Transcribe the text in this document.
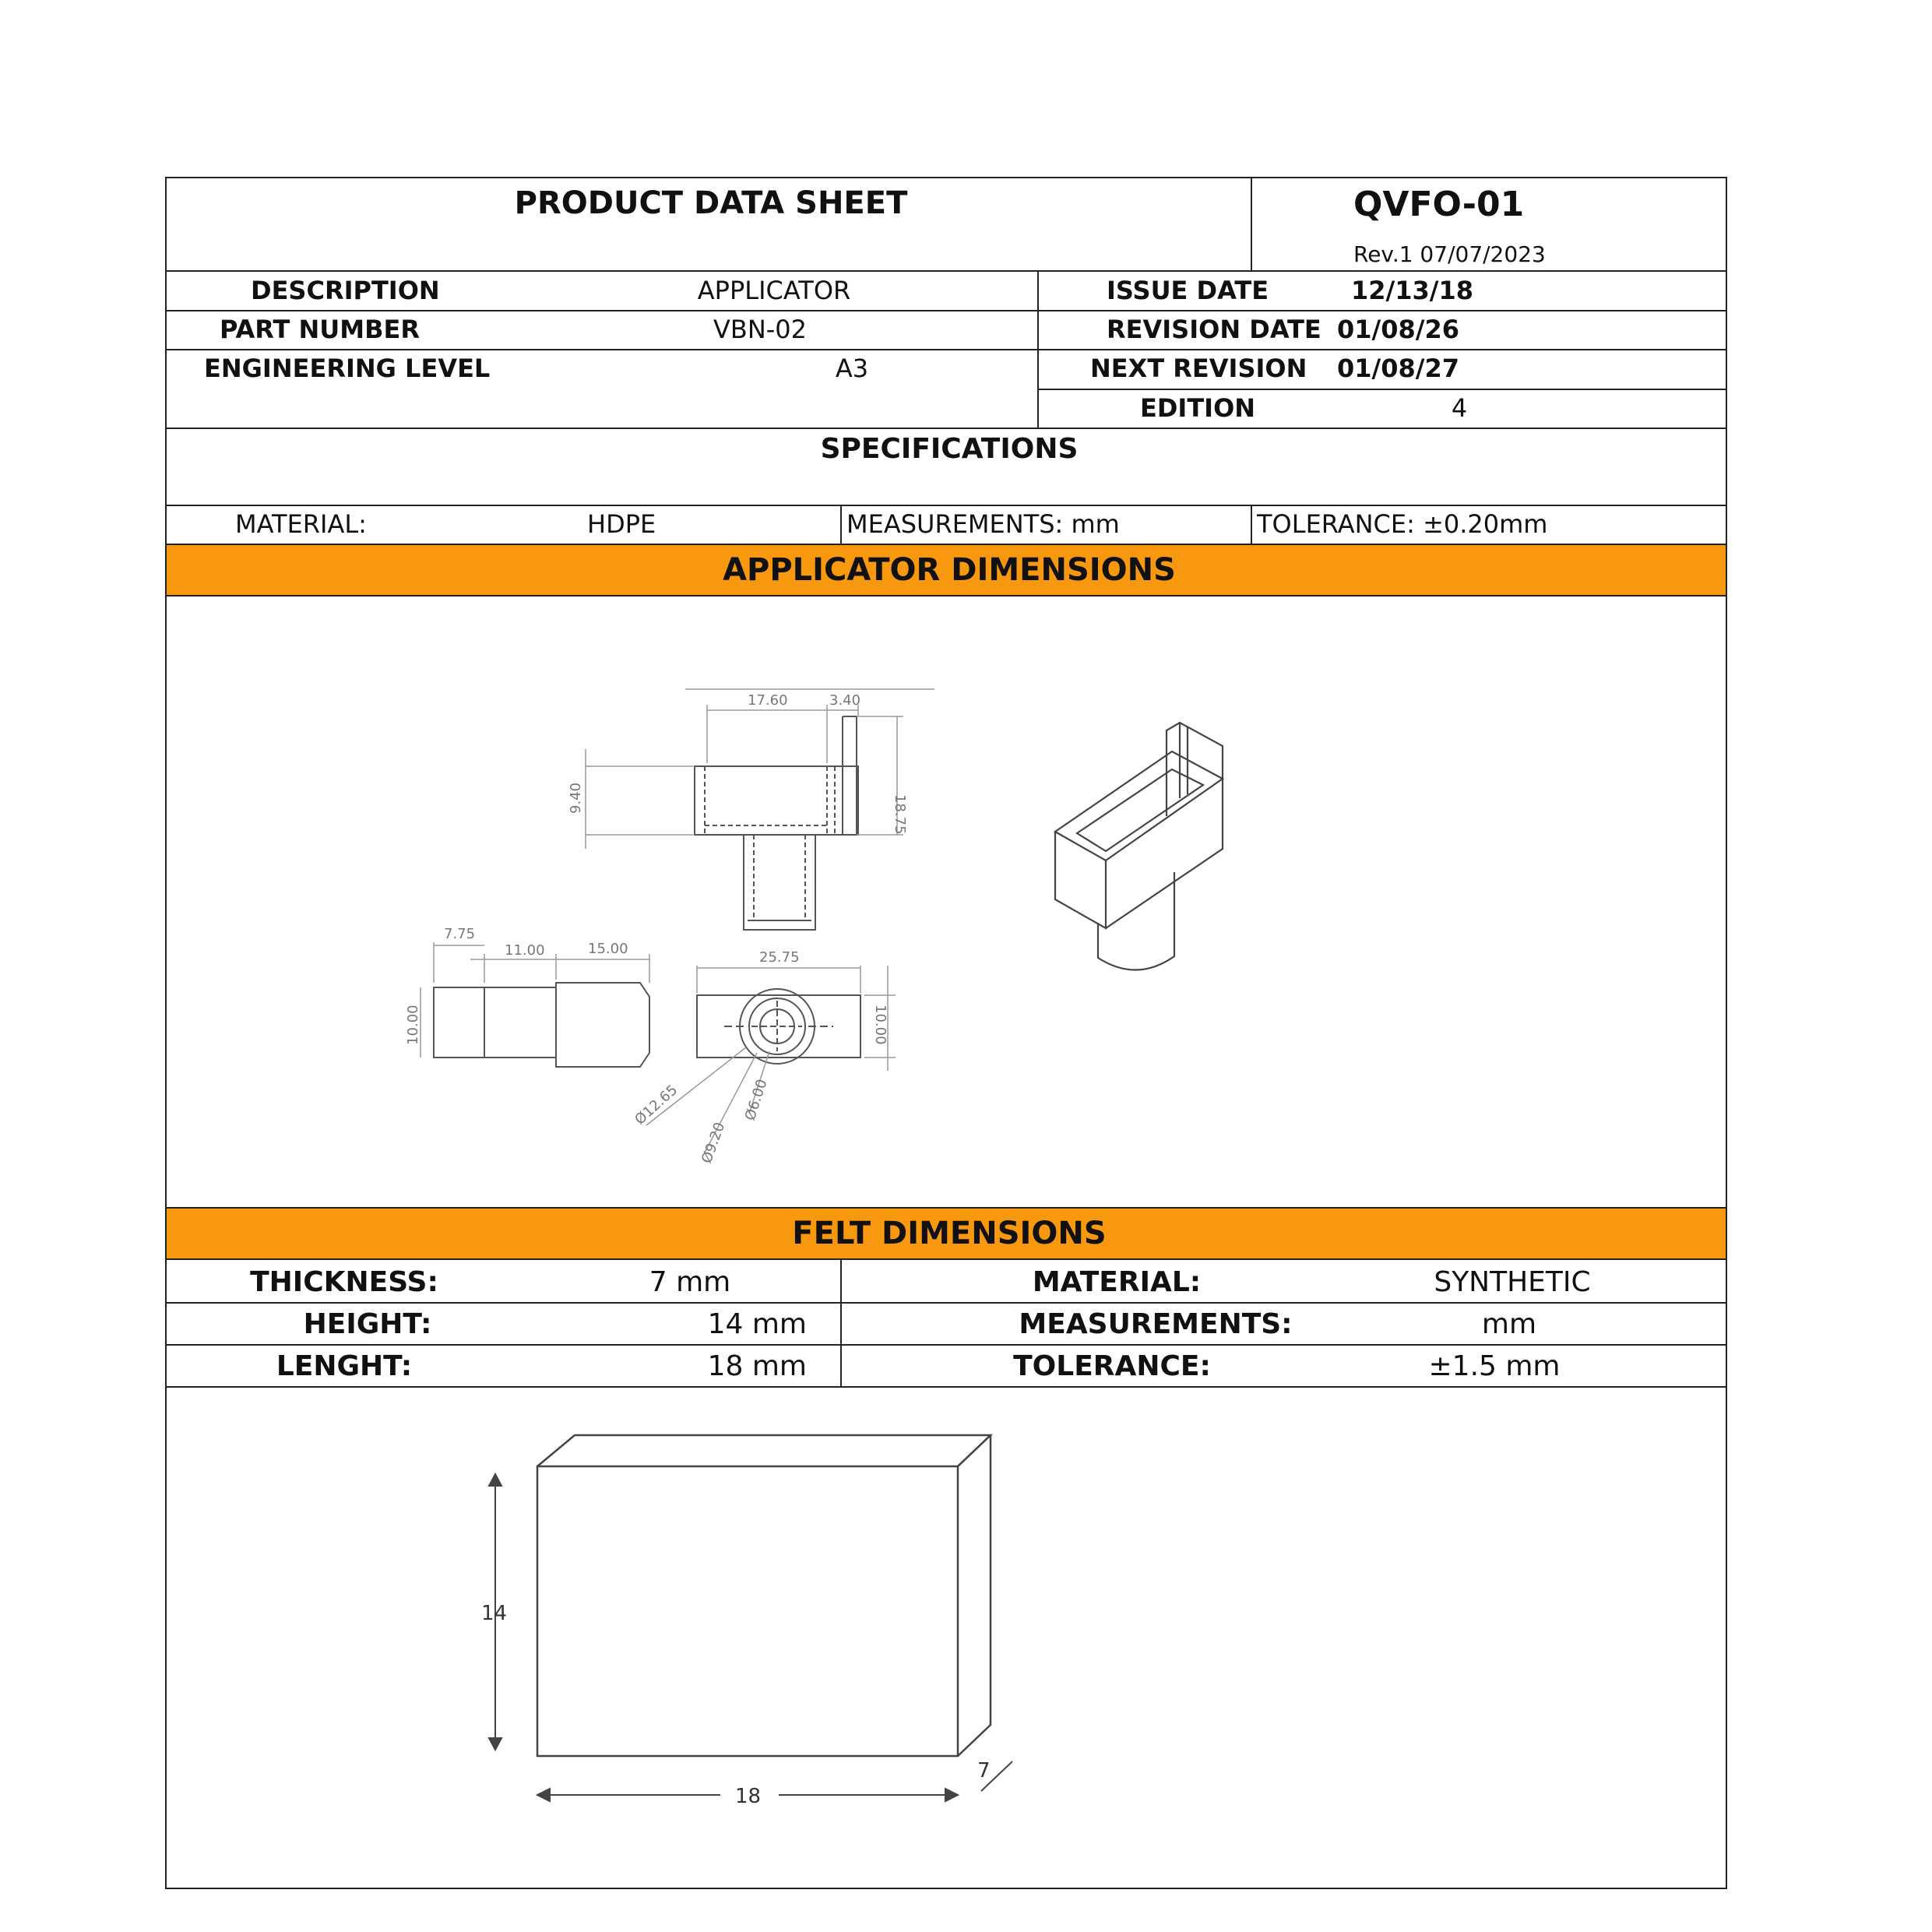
PRODUCT DATA SHEET	QVFO-01
Rev.1 07/07/2023
DESCRIPTION	APPLICATOR	ISSUE DATE	12/13/18
PART NUMBER	VBN-02	REVISION DATE 01/08/26
ENGINEERING LEVEL	A3	NEXT REVISION 01/08/27
EDITION	4
SPECIFICATIONS
MATERIAL:	HDPE	MEASUREMENTS: mm	TOLERANCE: ±0.20mm
APPLICATOR DIMENSIONS
FELT DIMENSIONS
THICKNESS:	7 mm	MATERIAL:	SYNTHETIC
HEIGHT:	14 mm	MEASUREMENTS:	mm
LENGHT:	18 mm	TOLERANCE:	±1.5 mm
17.60	3.40
18.75
9.40
7.75
11.00	15.00
10.00
25.75
10.00
Ø12.65
Ø9.20
Ø6.00
14
18
7
